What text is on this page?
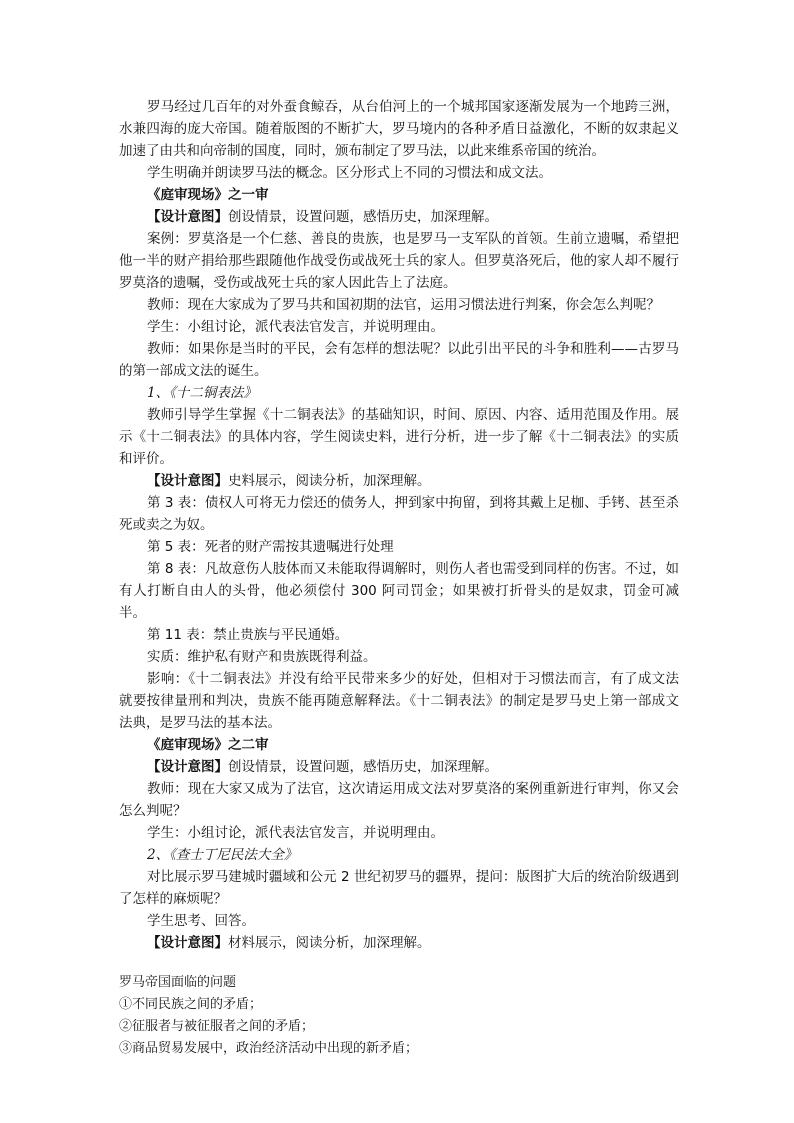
罗马经过几百年的对外蚕食鲸吞，从台伯河上的一个城邦国家逐渐发展为一个地跨三洲，水兼四海的庞大帝国。随着版图的不断扩大，罗马境内的各种矛盾日益激化，不断的奴隶起义加速了由共和向帝制的国度，同时，颁布制定了罗马法，以此来维系帝国的统治。

学生明确并朗读罗马法的概念。区分形式上不同的习惯法和成文法。

《庭审现场》之一审

【设计意图】创设情景，设置问题，感悟历史，加深理解。

案例：罗莫洛是一个仁慈、善良的贵族，也是罗马一支军队的首领。生前立遗嘱，希望把他一半的财产捐给那些跟随他作战受伤或战死士兵的家人。但罗莫洛死后，他的家人却不履行罗莫洛的遗嘱，受伤或战死士兵的家人因此告上了法庭。

教师：现在大家成为了罗马共和国初期的法官，运用习惯法进行判案，你会怎么判呢？

学生：小组讨论，派代表法官发言，并说明理由。

教师：如果你是当时的平民，会有怎样的想法呢？以此引出平民的斗争和胜利——古罗马的第一部成文法的诞生。

1、《十二铜表法》

教师引导学生掌握《十二铜表法》的基础知识，时间、原因、内容、适用范围及作用。展示《十二铜表法》的具体内容，学生阅读史料，进行分析，进一步了解《十二铜表法》的实质和评价。

【设计意图】史料展示，阅读分析，加深理解。

第 3 表：债权人可将无力偿还的债务人，押到家中拘留，到将其戴上足枷、手铐、甚至杀死或卖之为奴。

第 5 表：死者的财产需按其遗嘱进行处理

第 8 表：凡故意伤人肢体而又未能取得调解时，则伤人者也需受到同样的伤害。不过，如有人打断自由人的头骨，他必须偿付 300 阿司罚金；如果被打折骨头的是奴隶，罚金可减半。

第 11 表：禁止贵族与平民通婚。

实质：维护私有财产和贵族既得利益。

影响：《十二铜表法》并没有给平民带来多少的好处，但相对于习惯法而言，有了成文法就要按律量刑和判决，贵族不能再随意解释法。《十二铜表法》的制定是罗马史上第一部成文法典，是罗马法的基本法。

《庭审现场》之二审

【设计意图】创设情景，设置问题，感悟历史，加深理解。

教师：现在大家又成为了法官，这次请运用成文法对罗莫洛的案例重新进行审判，你又会怎么判呢？

学生：小组讨论，派代表法官发言，并说明理由。

2、《查士丁尼民法大全》

对比展示罗马建城时疆域和公元 2 世纪初罗马的疆界，提问：版图扩大后的统治阶级遇到了怎样的麻烦呢？

学生思考、回答。

【设计意图】材料展示，阅读分析，加深理解。

罗马帝国面临的问题

①不同民族之间的矛盾；

②征服者与被征服者之间的矛盾；

③商品贸易发展中，政治经济活动中出现的新矛盾；
